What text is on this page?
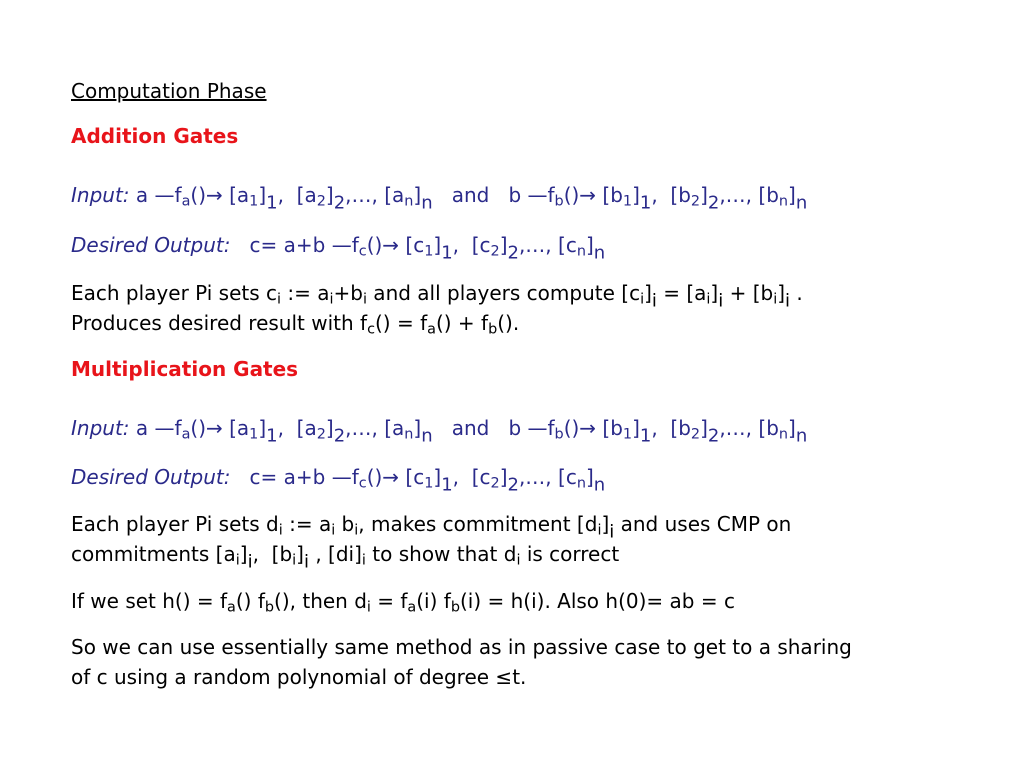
Computation Phase
Addition Gates
Input: a $—f_a()\to [a_1]1$,  $[a_2]2,\dots$, $[a_n]n$ and   b $—f_b()\to [b_1]1$,  $[b_2]2,\dots$, $[b_n]n$
Desired Output:   c= a+b $—f_c()\to [c_1]1$,  $[c_2]2,\dots$, $[c_n]n$
Each player Pi sets $c_i$ := $a_i+b_i$ and all players compute $[c_i]i = [a_i]i + [b_i]i$ .
Produces desired result with $f_c() = f_a() + f_b()$.
Multiplication Gates
Input: a $—f_a()\to [a_1]1$,  $[a_2]2,\dots$, $[a_n]n$ and   b $—f_b()\to [b_1]1$,  $[b_2]2,\dots$, $[b_n]n$
Desired Output:   c= a+b $—f_c()\to [c_1]1$,  $[c_2]2,\dots$, $[c_n]n$
Each player Pi sets $d_i$ := $a_i$ $b_i$, makes commitment $[d_i]i$ and uses CMP on
commitments $[a_i]i$,  $[b_i]i$ , $[di]_i$ to show that $d_i$ is correct
If we set $h() = f_a()$ $f_b()$, then $d_i = f_a(i) f_b(i) = h(i)$. Also h(0)= ab = c
So we can use essentially same method as in passive case to get to a sharing
of c using a random polynomial of degree ≤t.
